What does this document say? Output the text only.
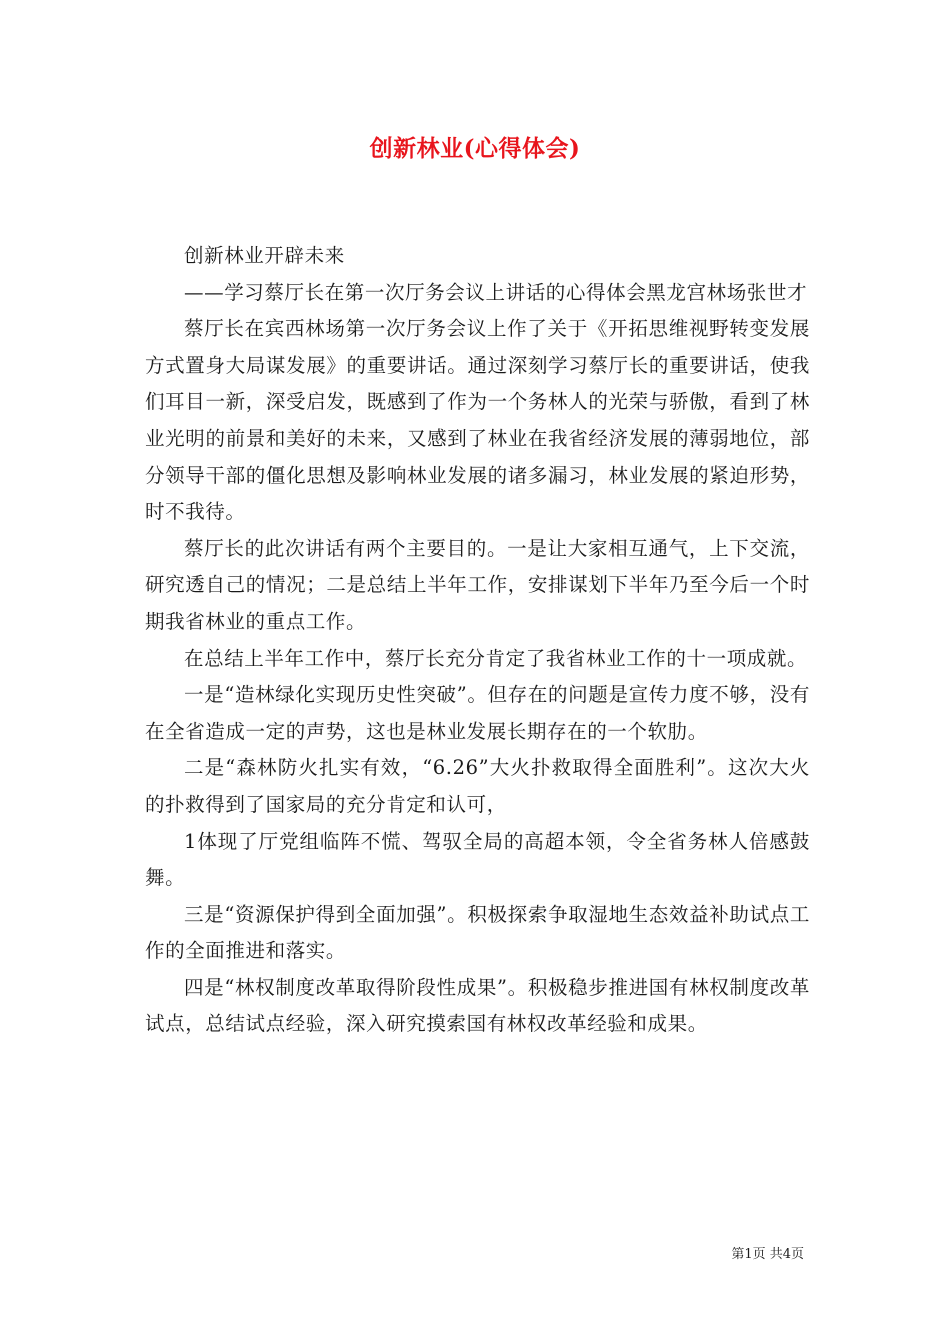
创新林业(心得体会)

创新林业开辟未来

——学习蔡厅长在第一次厅务会议上讲话的心得体会黑龙宫林场张世才

蔡厅长在宾西林场第一次厅务会议上作了关于《开拓思维视野转变发展方式置身大局谋发展》的重要讲话。通过深刻学习蔡厅长的重要讲话，使我们耳目一新，深受启发，既感到了作为一个务林人的光荣与骄傲，看到了林业光明的前景和美好的未来，又感到了林业在我省经济发展的薄弱地位，部分领导干部的僵化思想及影响林业发展的诸多漏习，林业发展的紧迫形势，时不我待。

蔡厅长的此次讲话有两个主要目的。一是让大家相互通气，上下交流，研究透自己的情况；二是总结上半年工作，安排谋划下半年乃至今后一个时期我省林业的重点工作。

在总结上半年工作中，蔡厅长充分肯定了我省林业工作的十一项成就。

一是“造林绿化实现历史性突破”。但存在的问题是宣传力度不够，没有在全省造成一定的声势，这也是林业发展长期存在的一个软肋。

二是“森林防火扎实有效，“6.26”大火扑救取得全面胜利”。这次大火的扑救得到了国家局的充分肯定和认可，

1体现了厅党组临阵不慌、驾驭全局的高超本领，令全省务林人倍感鼓舞。

三是“资源保护得到全面加强”。积极探索争取湿地生态效益补助试点工作的全面推进和落实。

四是“林权制度改革取得阶段性成果”。积极稳步推进国有林权制度改革试点，总结试点经验，深入研究摸索国有林权改革经验和成果。

第1页 共4页
